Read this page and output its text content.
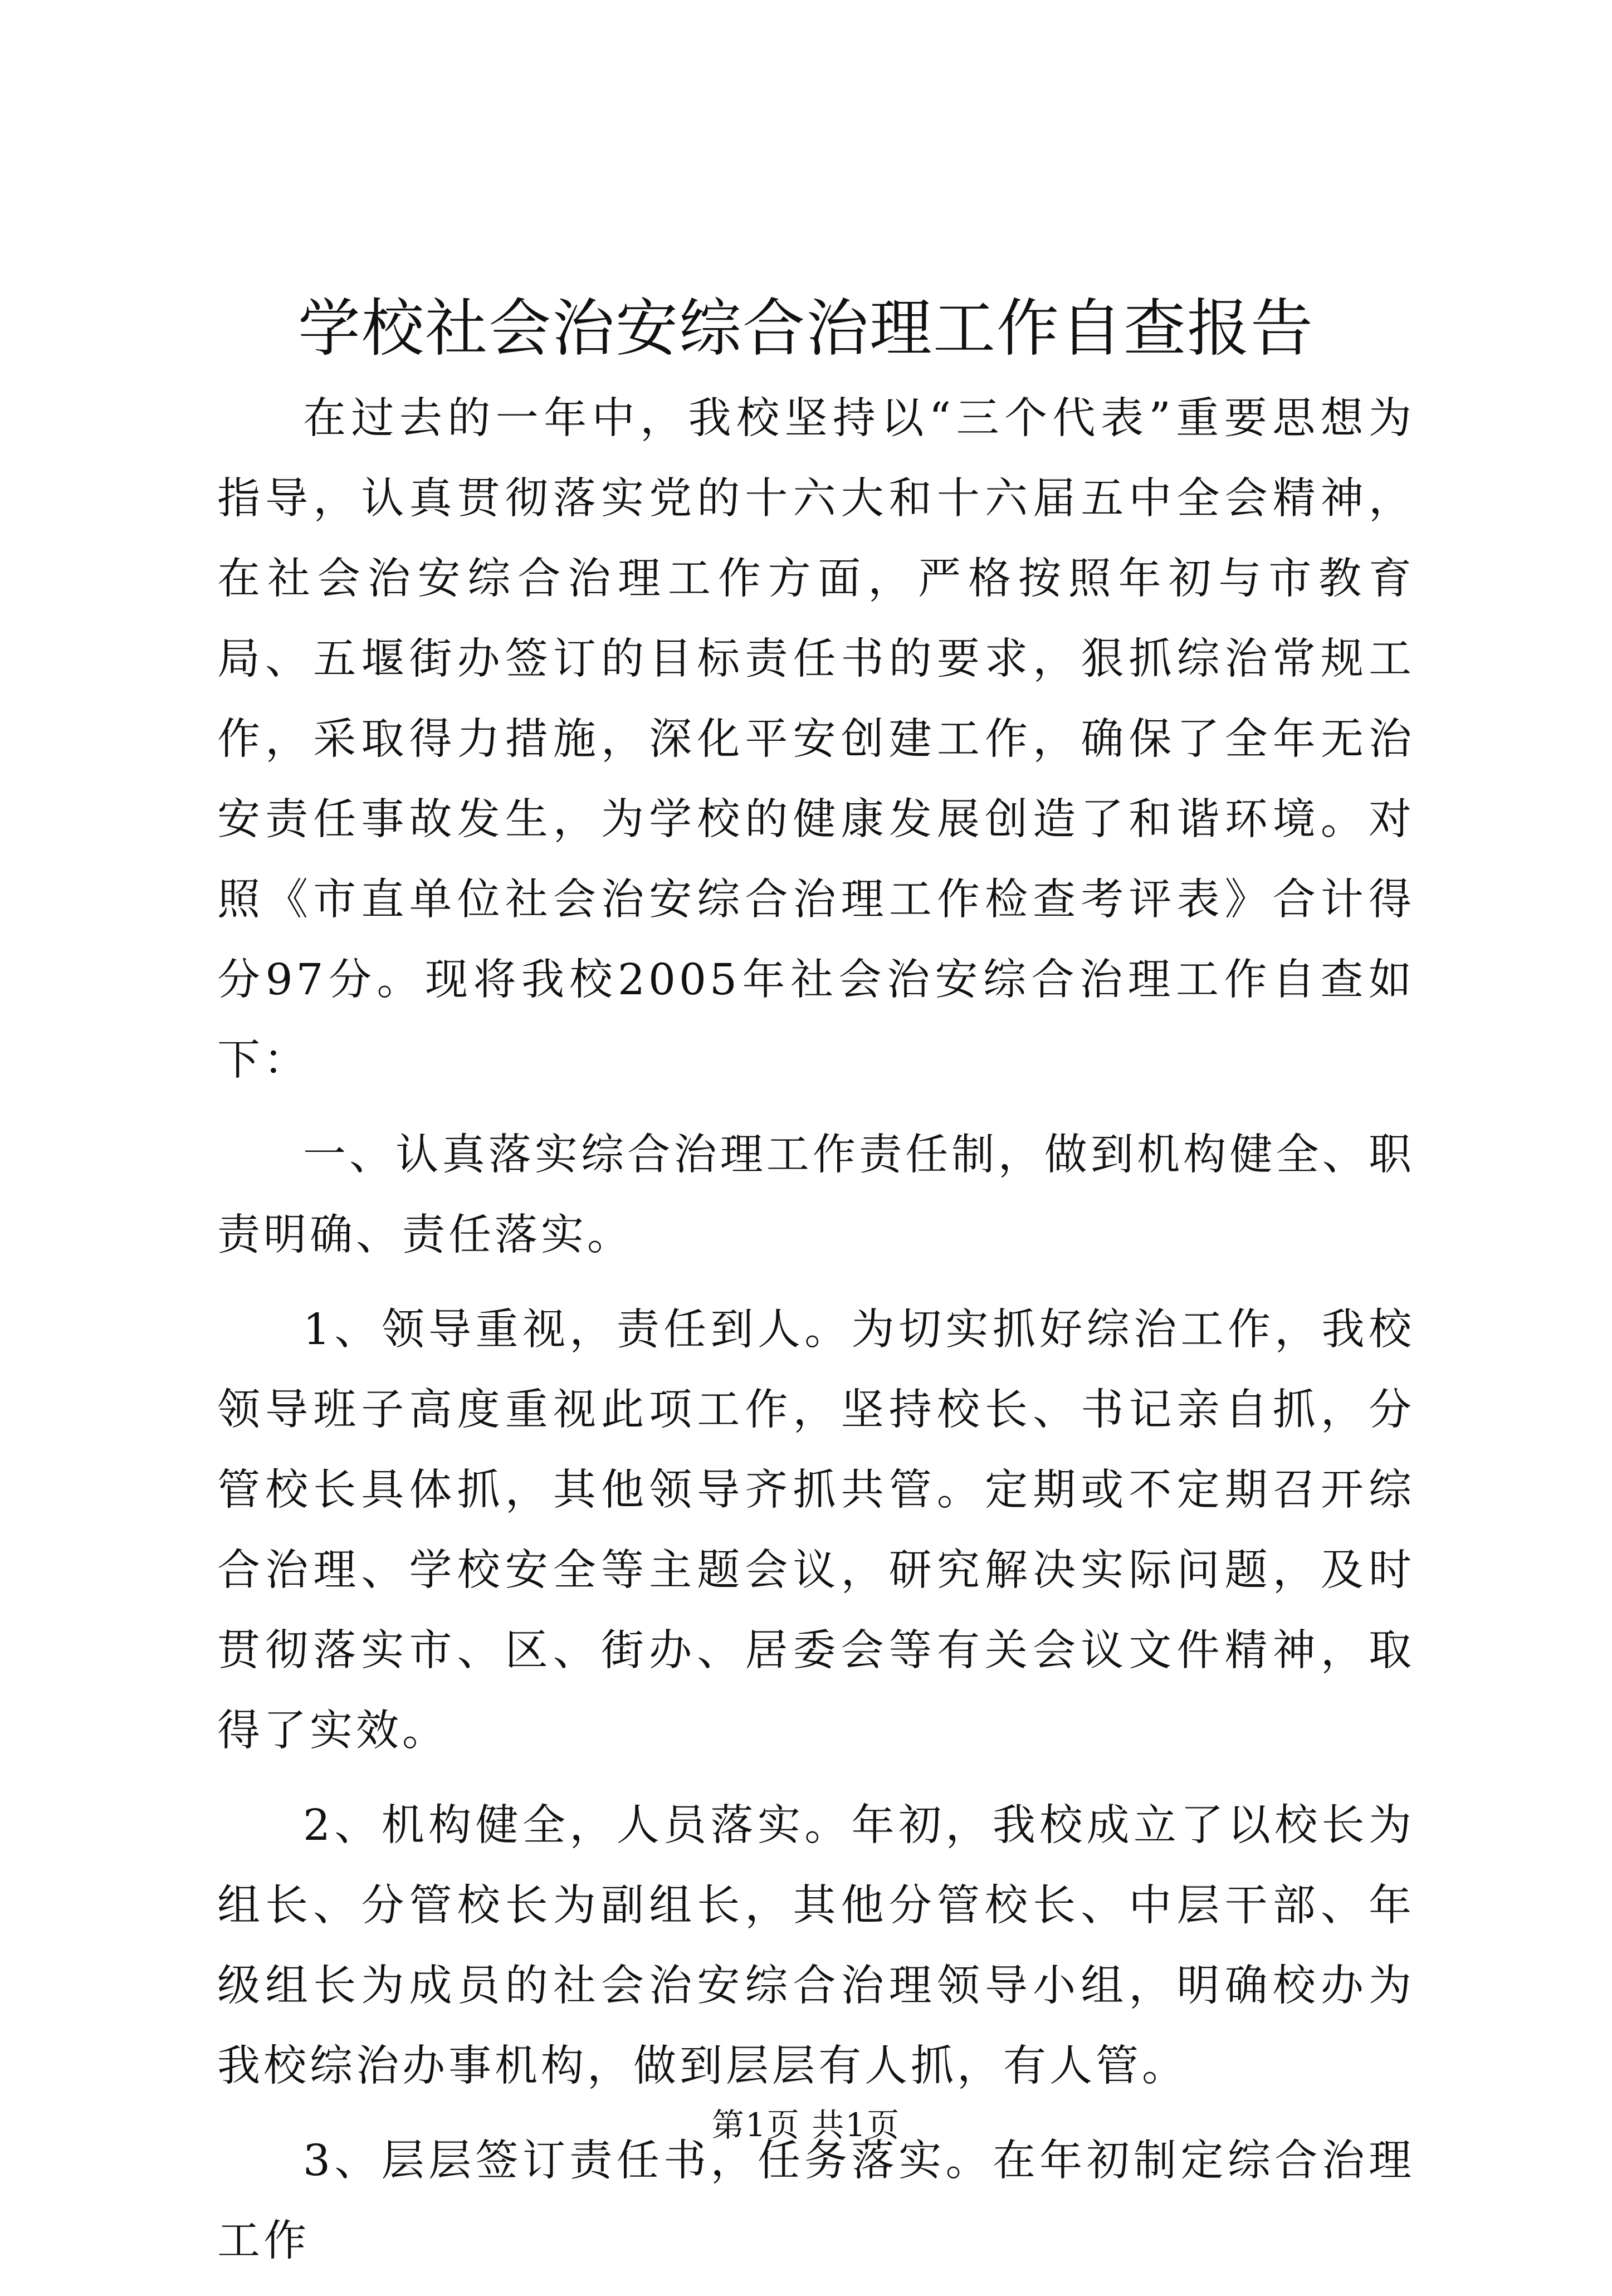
学校社会治安综合治理工作自查报告

在过去的一年中，我校坚持以“三个代表”重要思想为指导，认真贯彻落实党的十六大和十六届五中全会精神，在社会治安综合治理工作方面，严格按照年初与市教育局、五堰街办签订的目标责任书的要求，狠抓综治常规工作，采取得力措施，深化平安创建工作，确保了全年无治安责任事故发生，为学校的健康发展创造了和谐环境。对照《市直单位社会治安综合治理工作检查考评表》合计得分97分。现将我校2005年社会治安综合治理工作自查如下：

一、认真落实综合治理工作责任制，做到机构健全、职责明确、责任落实。

1、领导重视，责任到人。为切实抓好综治工作，我校领导班子高度重视此项工作，坚持校长、书记亲自抓，分管校长具体抓，其他领导齐抓共管。定期或不定期召开综合治理、学校安全等主题会议，研究解决实际问题，及时贯彻落实市、区、街办、居委会等有关会议文件精神，取得了实效。

2、机构健全，人员落实。年初，我校成立了以校长为组长、分管校长为副组长，其他分管校长、中层干部、年级组长为成员的社会治安综合治理领导小组，明确校办为我校综治办事机构，做到层层有人抓，有人管。

3、层层签订责任书，任务落实。在年初制定综合治理工作

第1页 共1页
